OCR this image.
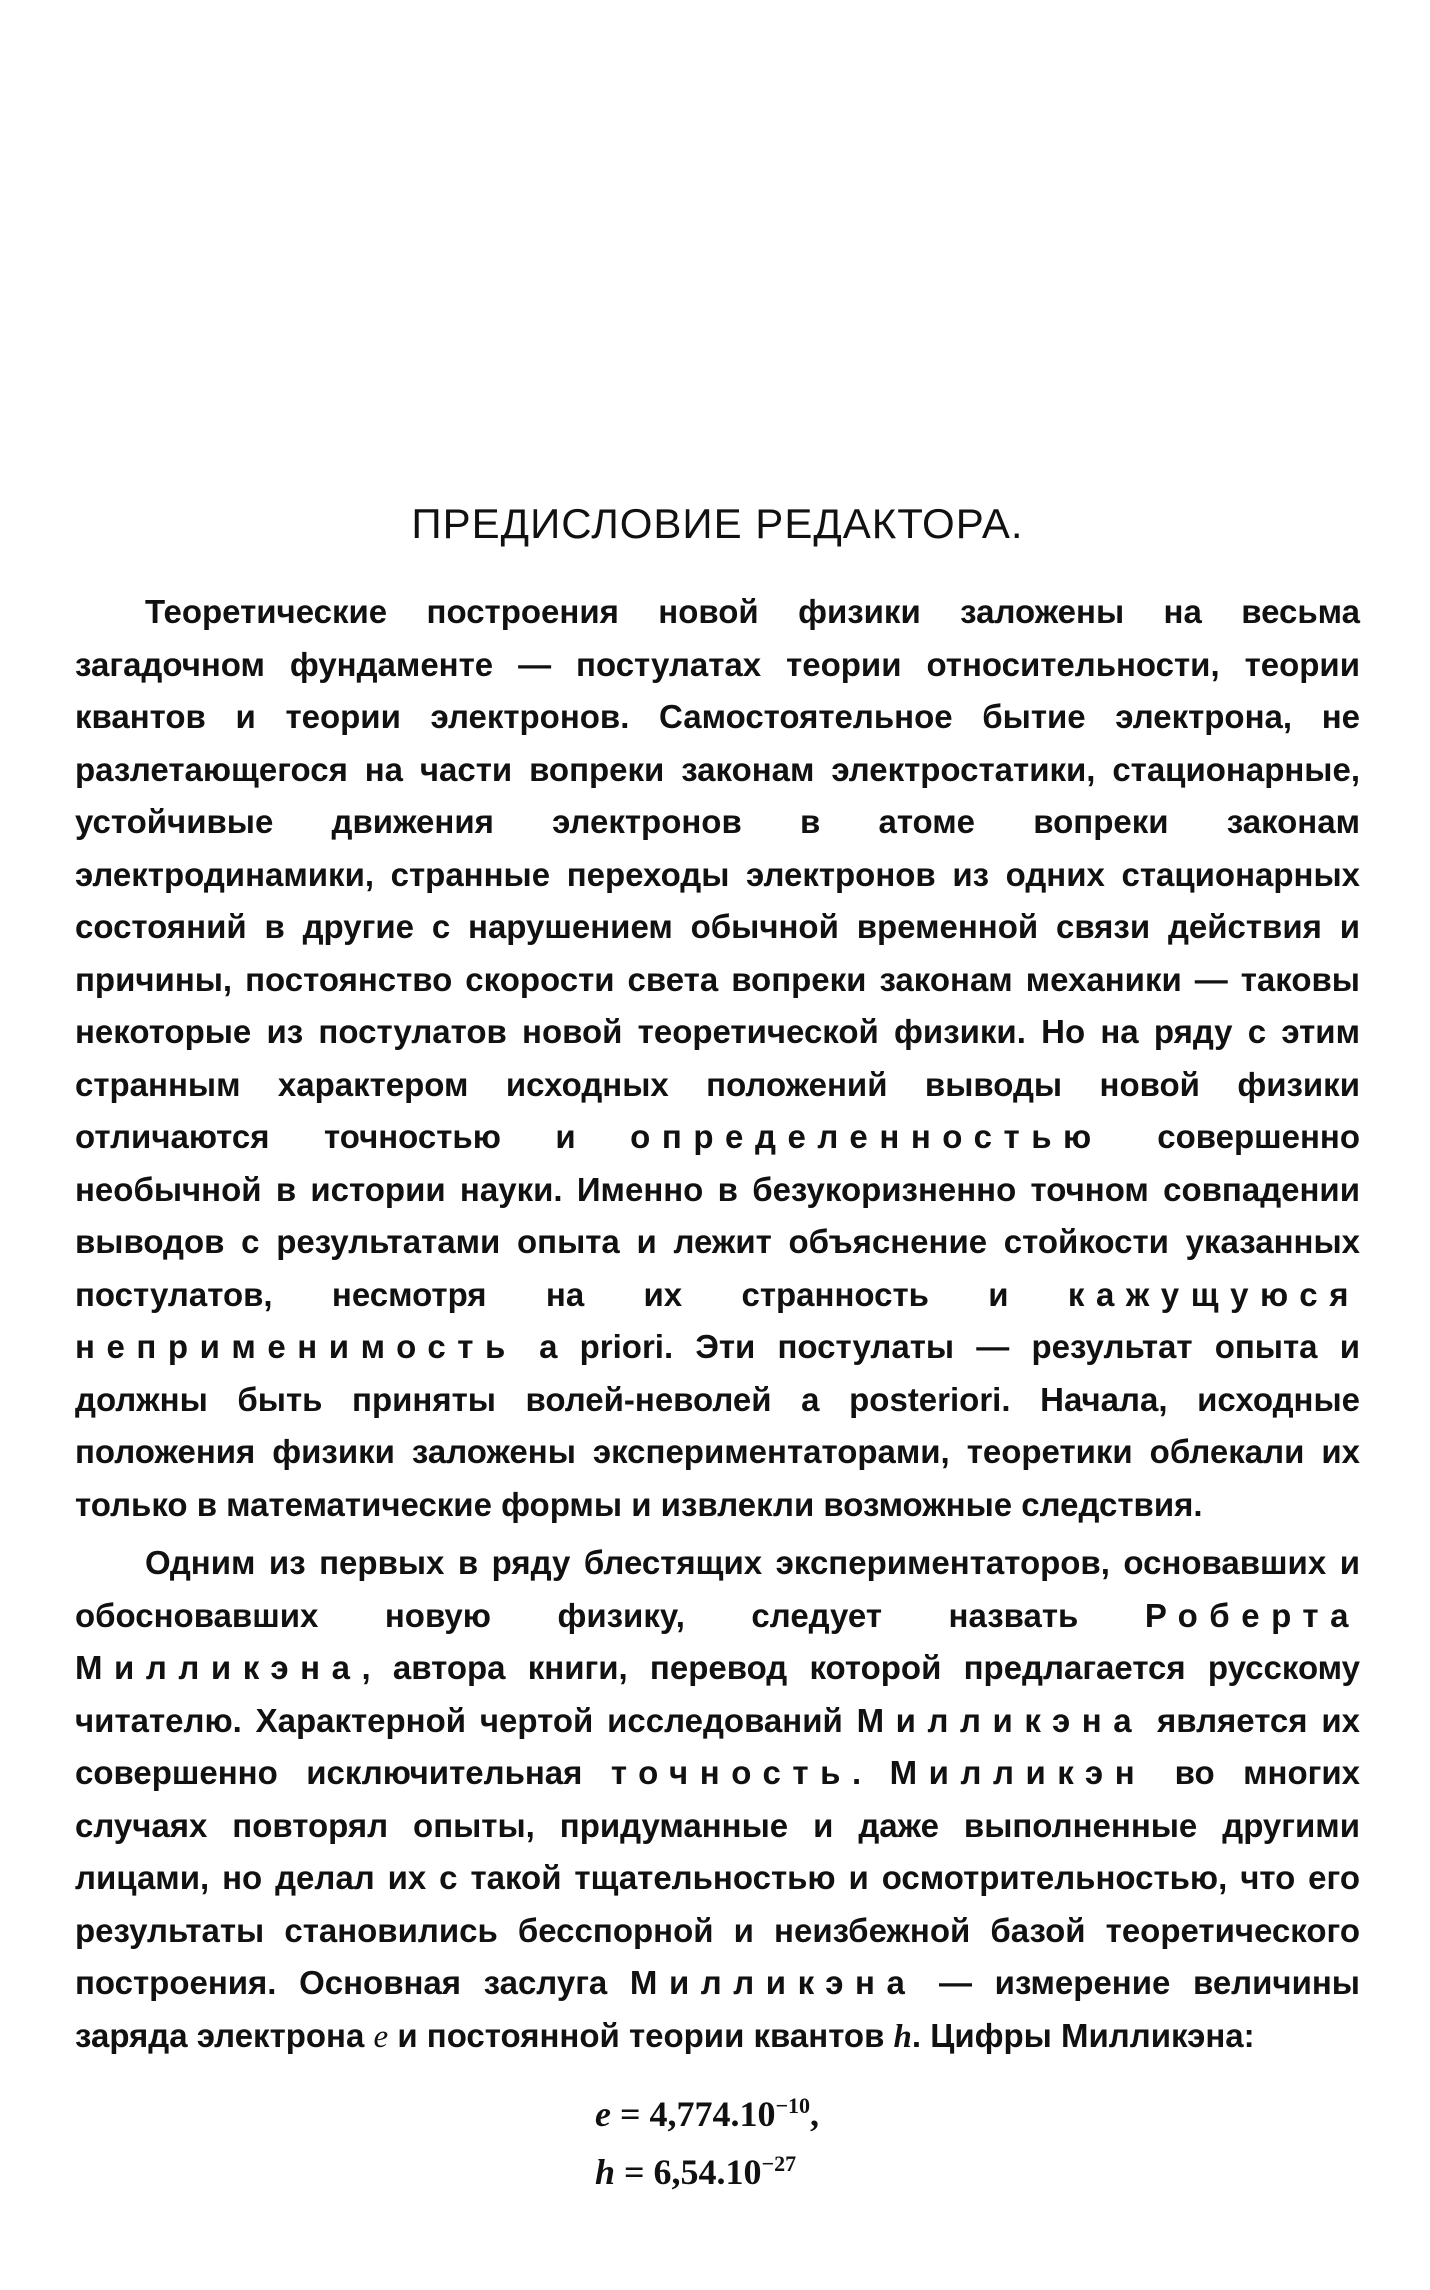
ПРЕДИСЛОВИЕ РЕДАКТОРА.

Теоретические построения новой физики заложены на весьма загадочном фундаменте — постулатах теории относительности, теории квантов и теории электронов. Самостоятельное бытие электрона, не разлетающегося на части вопреки законам электростатики, стационарные, устойчивые движения электронов в атоме вопреки законам электродинамики, странные переходы электронов из одних стационарных состояний в другие с нарушением обычной временной связи действия и причины, постоянство скорости света вопреки законам механики — таковы некоторые из постулатов новой теоретической физики. Но на ряду с этим странным характером исходных положений выводы новой физики отличаются точностью и определенностью совершенно необычной в истории науки. Именно в безукоризненно точном совпадении выводов с результатами опыта и лежит объяснение стойкости указанных постулатов, несмотря на их странность и кажущуюся неприменимость a priori. Эти постулаты — результат опыта и должны быть приняты волей-неволей a posteriori. Начала, исходные положения физики заложены экспериментаторами, теоретики облекали их только в математические формы и извлекли возможные следствия.

Одним из первых в ряду блестящих экспериментаторов, основавших и обосновавших новую физику, следует назвать Роберта Милликэна, автора книги, перевод которой предлагается русскому читателю. Характерной чертой исследований Милликэна является их совершенно исключительная точность. Милликэн во многих случаях повторял опыты, придуманные и даже выполненные другими лицами, но делал их с такой тщательностью и осмотрительностью, что его результаты становились бесспорной и неизбежной базой теоретического построения. Основная заслуга Милликэна — измерение величины заряда электрона e и постоянной теории квантов h. Цифры Милликэна:

$e = 4,774.10^{-10}$,
$h = 6,54.10^{-27}$
